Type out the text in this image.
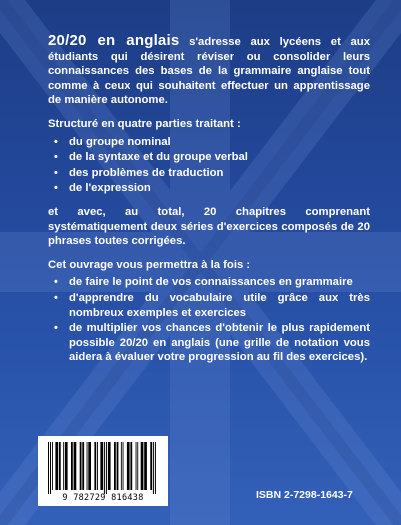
20/20 en anglais s'adresse aux lycéens et aux étudiants qui désirent réviser ou consolider leurs connaissances des bases de la grammaire anglaise tout comme à ceux qui souhaitent effectuer un apprentissage de manière autonome.

Structuré en quatre parties traitant :

• du groupe nominal
• de la syntaxe et du groupe verbal
• des problèmes de traduction
• de l'expression

et avec, au total, 20 chapitres comprenant systématiquement deux séries d'exercices composés de 20 phrases toutes corrigées.

Cet ouvrage vous permettra à la fois :

• de faire le point de vos connaissances en grammaire
• d'apprendre du vocabulaire utile grâce aux très nombreux exemples et exercices
• de multiplier vos chances d'obtenir le plus rapidement possible 20/20 en anglais (une grille de notation vous aidera à évaluer votre progression au fil des exercices).
9 782729 816438	ISBN 2-7298-1643-7
